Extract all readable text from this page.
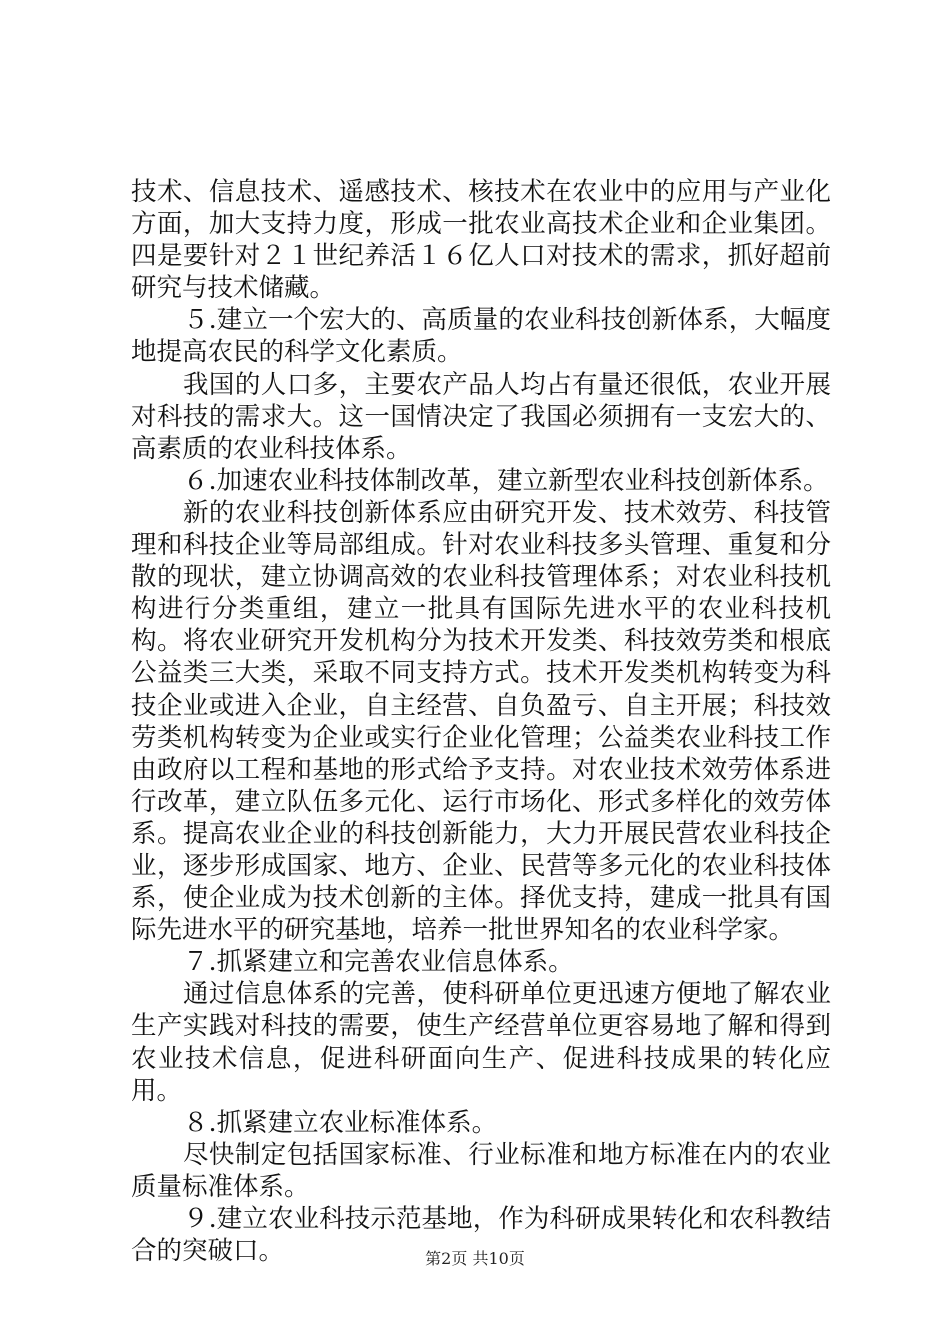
技术、信息技术、遥感技术、核技术在农业中的应用与产业化方面，加大支持力度，形成一批农业高技术企业和企业集团。四是要针对２１世纪养活１６亿人口对技术的需求，抓好超前研究与技术储藏。

５.建立一个宏大的、高质量的农业科技创新体系，大幅度地提高农民的科学文化素质。

我国的人口多，主要农产品人均占有量还很低，农业开展对科技的需求大。这一国情决定了我国必须拥有一支宏大的、高素质的农业科技体系。

６.加速农业科技体制改革，建立新型农业科技创新体系。

新的农业科技创新体系应由研究开发、技术效劳、科技管理和科技企业等局部组成。针对农业科技多头管理、重复和分散的现状，建立协调高效的农业科技管理体系；对农业科技机构进行分类重组，建立一批具有国际先进水平的农业科技机构。将农业研究开发机构分为技术开发类、科技效劳类和根底公益类三大类，采取不同支持方式。技术开发类机构转变为科技企业或进入企业，自主经营、自负盈亏、自主开展；科技效劳类机构转变为企业或实行企业化管理；公益类农业科技工作由政府以工程和基地的形式给予支持。对农业技术效劳体系进行改革，建立队伍多元化、运行市场化、形式多样化的效劳体系。提高农业企业的科技创新能力，大力开展民营农业科技企业，逐步形成国家、地方、企业、民营等多元化的农业科技体系，使企业成为技术创新的主体。择优支持，建成一批具有国际先进水平的研究基地，培养一批世界知名的农业科学家。

７.抓紧建立和完善农业信息体系。

通过信息体系的完善，使科研单位更迅速方便地了解农业生产实践对科技的需要，使生产经营单位更容易地了解和得到农业技术信息，促进科研面向生产、促进科技成果的转化应用。

８.抓紧建立农业标准体系。

尽快制定包括国家标准、行业标准和地方标准在内的农业质量标准体系。

９.建立农业科技示范基地，作为科研成果转化和农科教结合的突破口。	第2页 共10页
